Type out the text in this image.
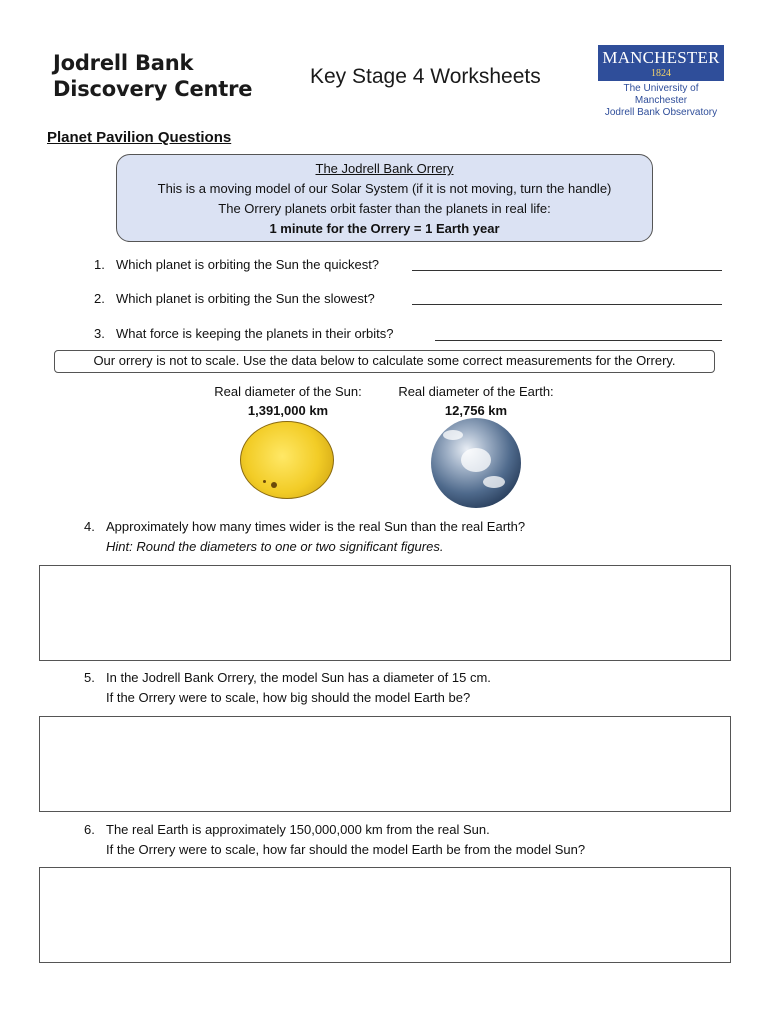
Jodrell Bank
Discovery Centre
Key Stage 4 Worksheets
MANCHESTER
1824
The University of Manchester
Jodrell Bank Observatory
Planet Pavilion Questions
The Jodrell Bank Orrery
This is a moving model of our Solar System (if it is not moving, turn the handle)
The Orrery planets orbit faster than the planets in real life:
1 minute for the Orrery = 1 Earth year
1. Which planet is orbiting the Sun the quickest?
2. Which planet is orbiting the Sun the slowest?
3. What force is keeping the planets in their orbits?
Our orrery is not to scale. Use the data below to calculate some correct measurements for the Orrery.
Real diameter of the Sun:
1,391,000 km
Real diameter of the Earth:
12,756 km
4. Approximately how many times wider is the real Sun than the real Earth?
Hint: Round the diameters to one or two significant figures.
5. In the Jodrell Bank Orrery, the model Sun has a diameter of 15 cm.
If the Orrery were to scale, how big should the model Earth be?
6. The real Earth is approximately 150,000,000 km from the real Sun.
If the Orrery were to scale, how far should the model Earth be from the model Sun?
